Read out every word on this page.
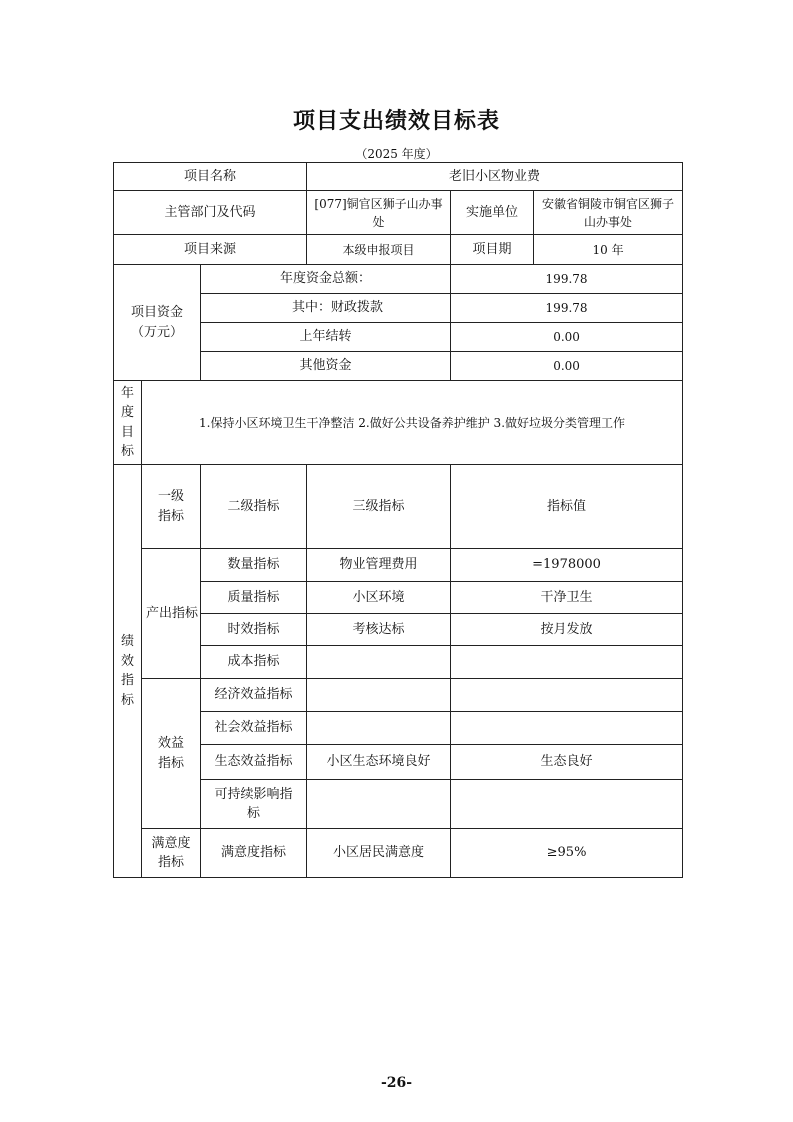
项目支出绩效目标表
（2025 年度）
项目名称			老旧小区物业费		
主管部门及代码			[077]铜官区狮子山办事处	实施单位	安徽省铜陵市铜官区狮子山办事处
项目来源			本级申报项目	项目期	10 年
项目资金（万元）		年度资金总额：		199.78	
		其中：财政拨款		199.78	
		上年结转		0.00	
		其他资金		0.00	

年度目标	1.保持小区环境卫生干净整洁 2.做好公共设备养护维护 3.做好垃圾分类管理工作				

绩效指标	一级指标	二级指标	三级指标	指标值	

	产出指标	数量指标	物业管理费用	=1978000	
		质量指标	小区环境	干净卫生	
		时效指标	考核达标	按月发放	
		成本指标			

	效益指标	经济效益指标			
		社会效益指标			
		生态效益指标	小区生态环境良好	生态良好	

		可持续影响指标			

	满意度指标	满意度指标	小区居民满意度	≥95%	
-26-
